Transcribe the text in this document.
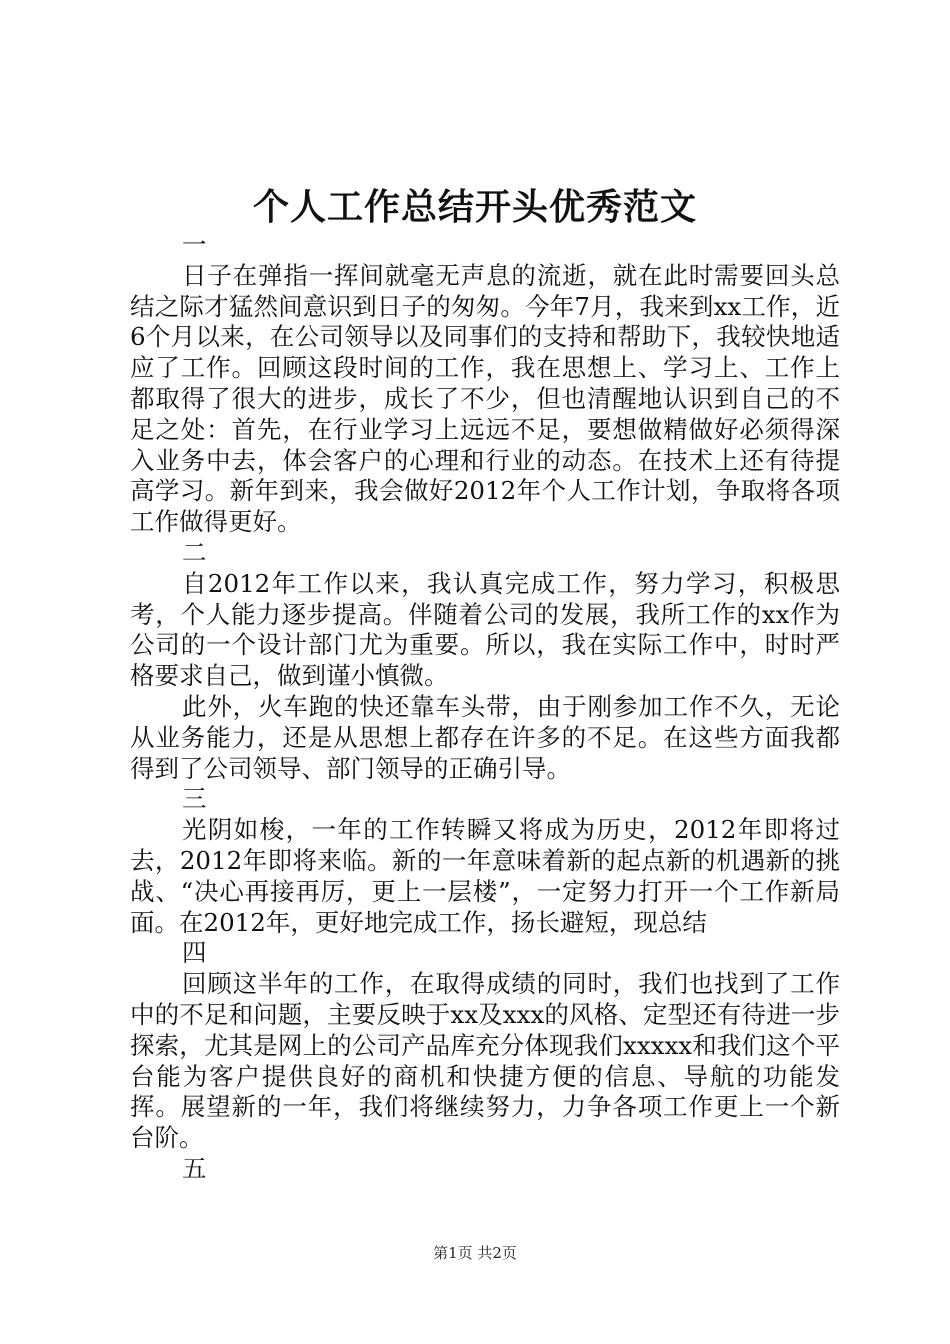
个人工作总结开头优秀范文

一

日子在弹指一挥间就毫无声息的流逝，就在此时需要回头总结之际才猛然间意识到日子的匆匆。今年7月，我来到xx工作，近6个月以来，在公司领导以及同事们的支持和帮助下，我较快地适应了工作。回顾这段时间的工作，我在思想上、学习上、工作上都取得了很大的进步，成长了不少，但也清醒地认识到自己的不足之处：首先，在行业学习上远远不足，要想做精做好必须得深入业务中去，体会客户的心理和行业的动态。在技术上还有待提高学习。新年到来，我会做好2012年个人工作计划，争取将各项工作做得更好。

二

自2012年工作以来，我认真完成工作，努力学习，积极思考，个人能力逐步提高。伴随着公司的发展，我所工作的xx作为公司的一个设计部门尤为重要。所以，我在实际工作中，时时严格要求自己，做到谨小慎微。

此外，火车跑的快还靠车头带，由于刚参加工作不久，无论从业务能力，还是从思想上都存在许多的不足。在这些方面我都得到了公司领导、部门领导的正确引导。

三

光阴如梭，一年的工作转瞬又将成为历史，2012年即将过去，2012年即将来临。新的一年意味着新的起点新的机遇新的挑战、“决心再接再厉，更上一层楼”，一定努力打开一个工作新局面。在2012年，更好地完成工作，扬长避短，现总结

四

回顾这半年的工作，在取得成绩的同时，我们也找到了工作中的不足和问题，主要反映于xx及xxx的风格、定型还有待进一步探索，尤其是网上的公司产品库充分体现我们xxxxx和我们这个平台能为客户提供良好的商机和快捷方便的信息、导航的功能发挥。展望新的一年，我们将继续努力，力争各项工作更上一个新台阶。

五

第1页 共2页
